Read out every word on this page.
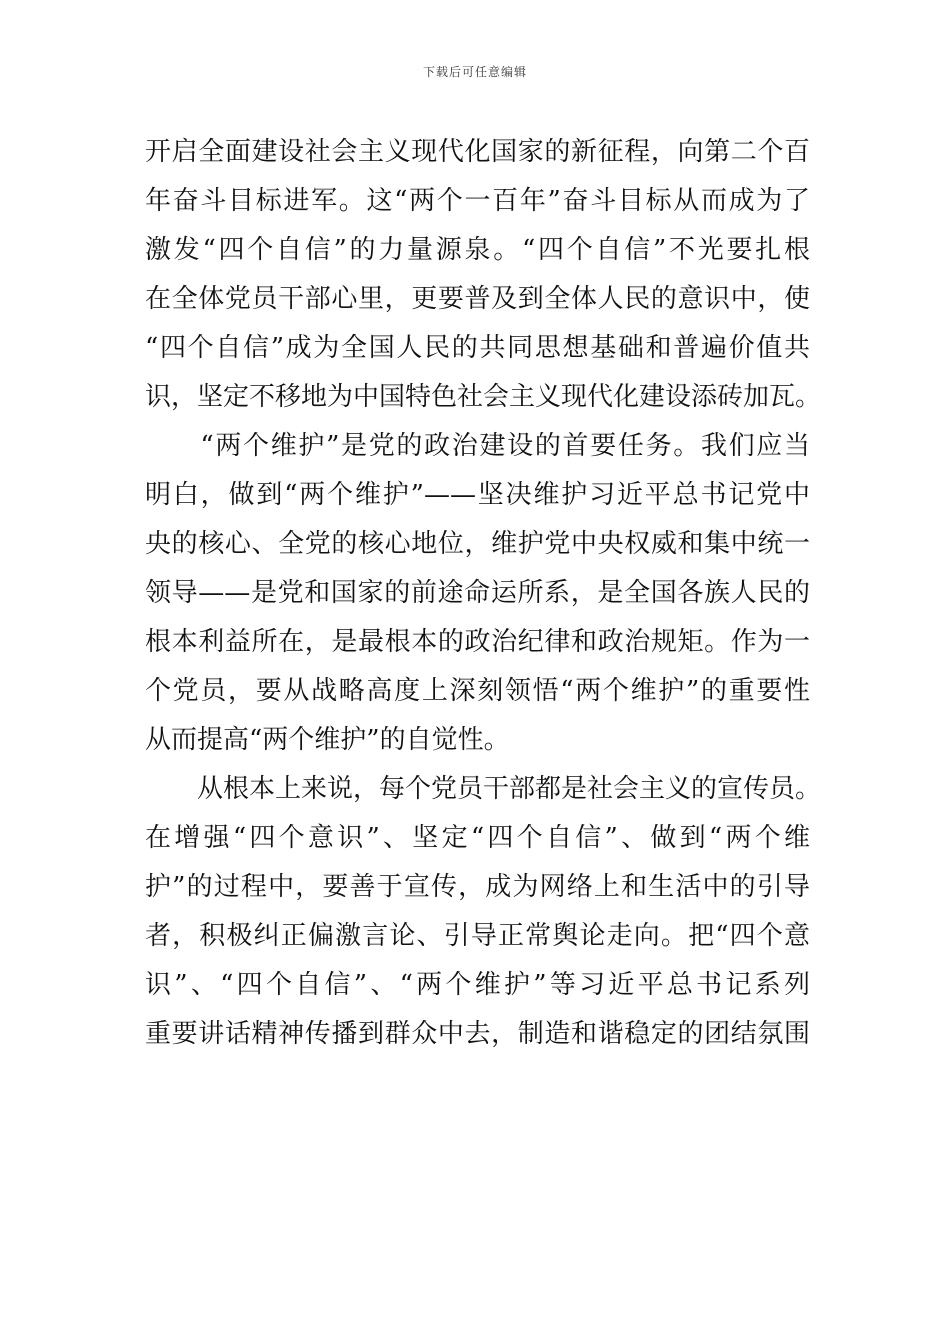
下载后可任意编辑
开启全面建设社会主义现代化国家的新征程，向第二个百
年奋斗目标进军。这“两个一百年”奋斗目标从而成为了
激发“四个自信”的力量源泉。“四个自信”不光要扎根
在全体党员干部心里，更要普及到全体人民的意识中，使
“四个自信”成为全国人民的共同思想基础和普遍价值共
识，坚定不移地为中国特色社会主义现代化建设添砖加瓦。
　　“两个维护”是党的政治建设的首要任务。我们应当
明白，做到“两个维护”——坚决维护习近平总书记党中
央的核心、全党的核心地位，维护党中央权威和集中统一
领导——是党和国家的前途命运所系，是全国各族人民的
根本利益所在，是最根本的政治纪律和政治规矩。作为一
个党员，要从战略高度上深刻领悟“两个维护”的重要性
从而提高“两个维护”的自觉性。
　　从根本上来说，每个党员干部都是社会主义的宣传员。
在增强“四个意识”、坚定“四个自信”、做到“两个维
护”的过程中，要善于宣传，成为网络上和生活中的引导
者，积极纠正偏激言论、引导正常舆论走向。把“四个意
识”、“四个自信”、“两个维护”等习近平总书记系列
重要讲话精神传播到群众中去，制造和谐稳定的团结氛围
